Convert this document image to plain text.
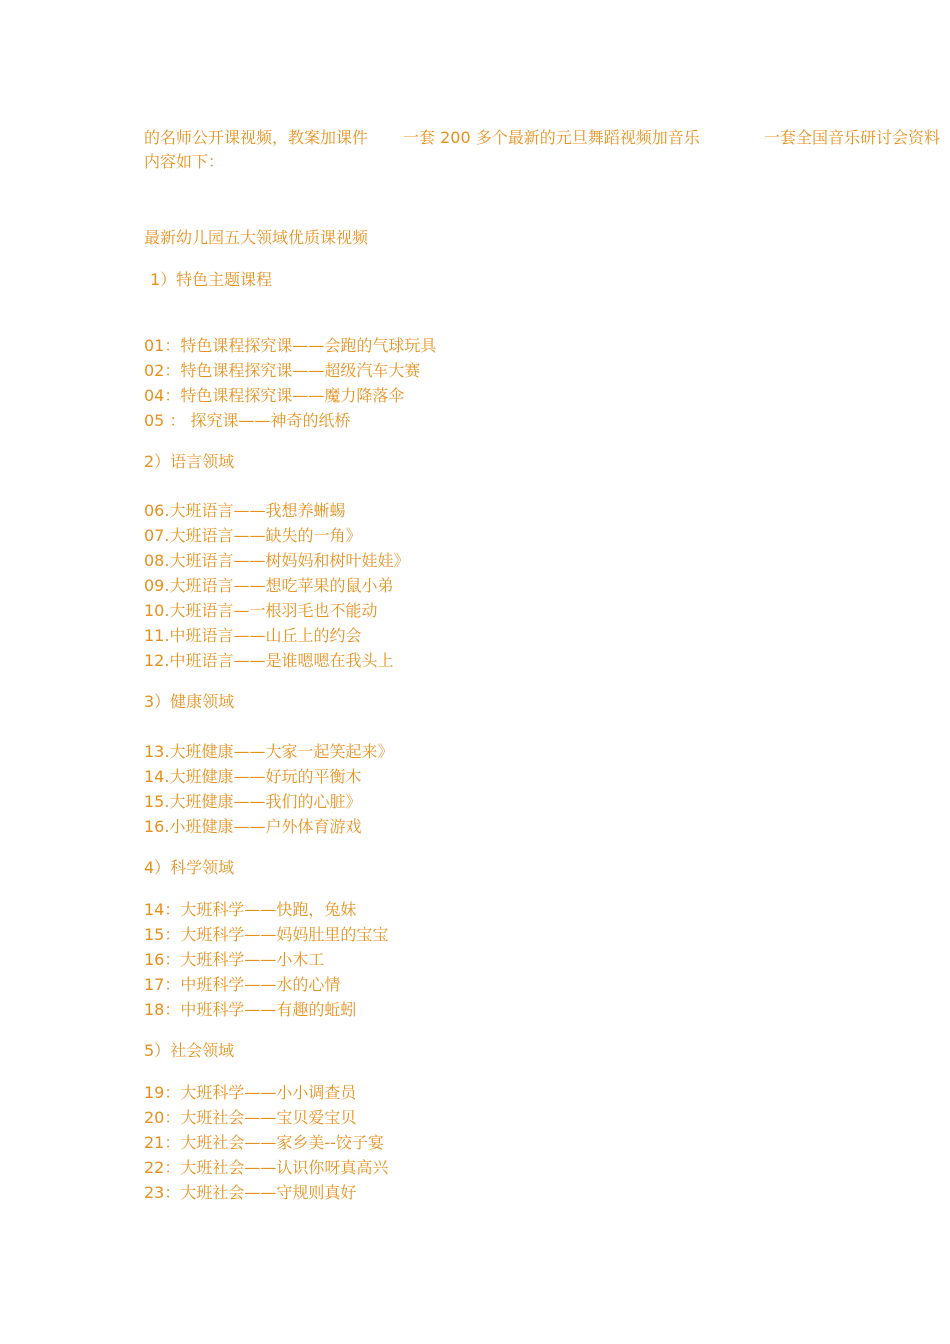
的名师公开课视频，教案加课件 一套 200 多个最新的元旦舞蹈视频加音乐	一套全国音乐研讨会资料
内容如下：
最新幼儿园五大领域优质课视频
1）特色主题课程
01：特色课程探究课——会跑的气球玩具
02：特色课程探究课——超级汽车大赛
04：特色课程探究课——魔力降落伞
05 ： 探究课——神奇的纸桥
2）语言领域
06.大班语言——我想养蜥蜴
07.大班语言——缺失的一角》
08.大班语言——树妈妈和树叶娃娃》
09.大班语言——想吃苹果的鼠小弟
10.大班语言—一根羽毛也不能动
11.中班语言——山丘上的约会
12.中班语言——是谁嗯嗯在我头上
3）健康领域
13.大班健康——大家一起笑起来》
14.大班健康——好玩的平衡木
15.大班健康——我们的心脏》
16.小班健康——户外体育游戏
4）科学领域
14：大班科学——快跑，兔妹
15：大班科学——妈妈肚里的宝宝
16：大班科学——小木工
17：中班科学——水的心情
18：中班科学——有趣的蚯蚓
5）社会领域
19：大班科学——小小调查员
20：大班社会——宝贝爱宝贝
21：大班社会——家乡美--饺子宴
22：大班社会——认识你呀真高兴
23：大班社会——守规则真好
